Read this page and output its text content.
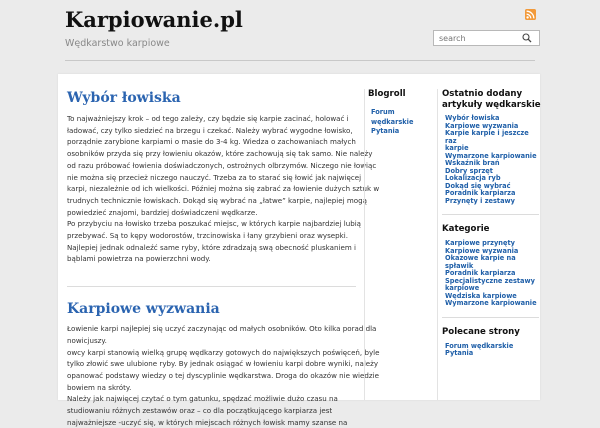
Karpiowanie.pl
Wędkarstwo karpiowe
search
Wybór łowiska

To najważniejszy krok – od tego zależy, czy będzie się karpie zacinać, holować i

ładować, czy tylko siedzieć na brzegu i czekać. Należy wybrać wygodne łowisko,

porządnie zarybione karpiami o masie do 3-4 kg. Wiedza o zachowaniach małych

osobników przyda się przy łowieniu okazów, które zachowują się tak samo. Nie należy

od razu próbować łowienia doświadczonych, ostrożnych olbrzymów. Niczego nie łowiąc

nie można się przecież niczego nauczyć. Trzeba za to starać się łowić jak najwięcej

karpi, niezależnie od ich wielkości. Później można się zabrać za łowienie dużych sztuk w

trudnych technicznie łowiskach. Dokąd się wybrać na „łatwe” karpie, najlepiej mogą

powiedzieć znajomi, bardziej doświadczeni wędkarze.

Po przybyciu na łowisko trzeba poszukać miejsc, w których karpie najbardziej lubią

przebywać. Są to kępy wodorostów, trzcinowiska i łany grzybieni oraz wysepki.

Najlepiej jednak odnaleźć same ryby, które zdradzają swą obecność pluskaniem i

bąblami powietrza na powierzchni wody.

Karpiowe wyzwania

Łowienie karpi najlepiej się uczyć zaczynając od małych osobników. Oto kilka porad dla

nowicjuszy.

owcy karpi stanowią wielką grupę wędkarzy gotowych do największych poświęceń, byle

tylko złowić swe ulubione ryby. By jednak osiągać w łowieniu karpi dobre wyniki, należy

opanować podstawy wiedzy o tej dyscyplinie wędkarstwa. Droga do okazów nie wiedzie

bowiem na skróty.

Należy jak najwięcej czytać o tym gatunku, spędzać możliwie dużo czasu na

studiowaniu różnych zestawów oraz – co dla początkującego karpiarza jest

najważniejsze -uczyć się, w których miejscach różnych łowisk mamy szanse na

Blogroll
Forum wędkarskie
Pytania
Ostatnio dodany artykuły wędkarskie
Wybór łowiska
Karpiowe wyzwania
Karpie karpie i jeszcze raz
karpie
Wymarzone karpiowanie
Wskaźnik brań
Dobry sprzęt
Lokalizacja ryb
Dokąd się wybrać
Poradnik karpiarza
Przynęty i zestawy
Kategorie
Karpiowe przynęty
Karpiowe wyzwania
Okazowe karpie na spławik
Poradnik karpiarza
Specjalistyczne zestawy
karpiowe
Wędziska karpiowe
Wymarzone karpiowanie
Polecane strony
Forum wędkarskie
Pytania
